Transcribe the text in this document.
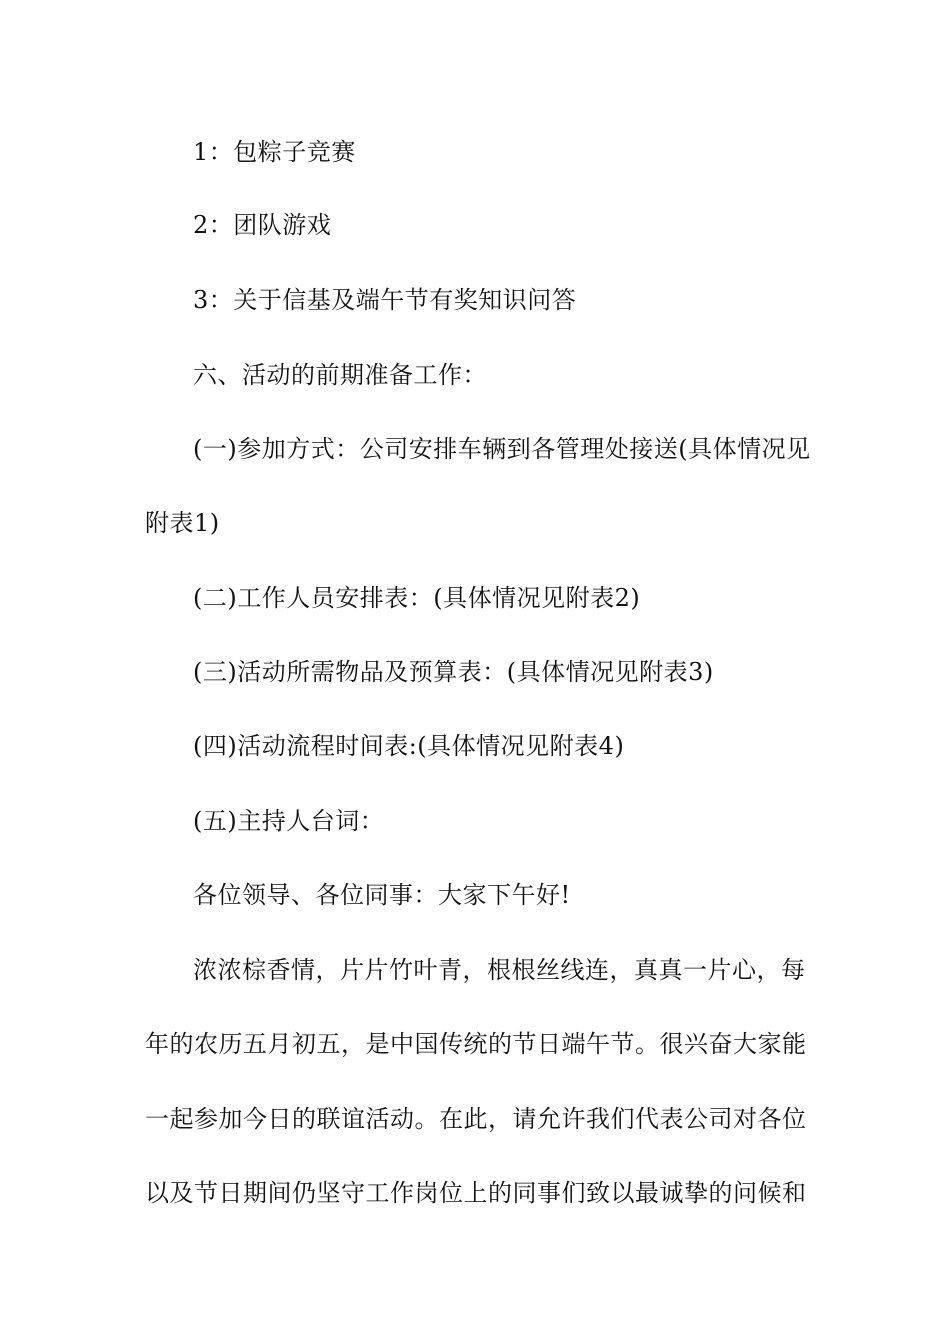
1：包粽子竞赛
2：团队游戏
3：关于信基及端午节有奖知识问答
六、活动的前期准备工作：
(一)参加方式：公司安排车辆到各管理处接送(具体情况见
附表1)
(二)工作人员安排表：(具体情况见附表2)
(三)活动所需物品及预算表：(具体情况见附表3)
(四)活动流程时间表:(具体情况见附表4)
(五)主持人台词：
各位领导、各位同事：大家下午好!
浓浓棕香情，片片竹叶青，根根丝线连，真真一片心，每
年的农历五月初五，是中国传统的节日端午节。很兴奋大家能
一起参加今日的联谊活动。在此，请允许我们代表公司对各位
以及节日期间仍坚守工作岗位上的同事们致以最诚挚的问候和
